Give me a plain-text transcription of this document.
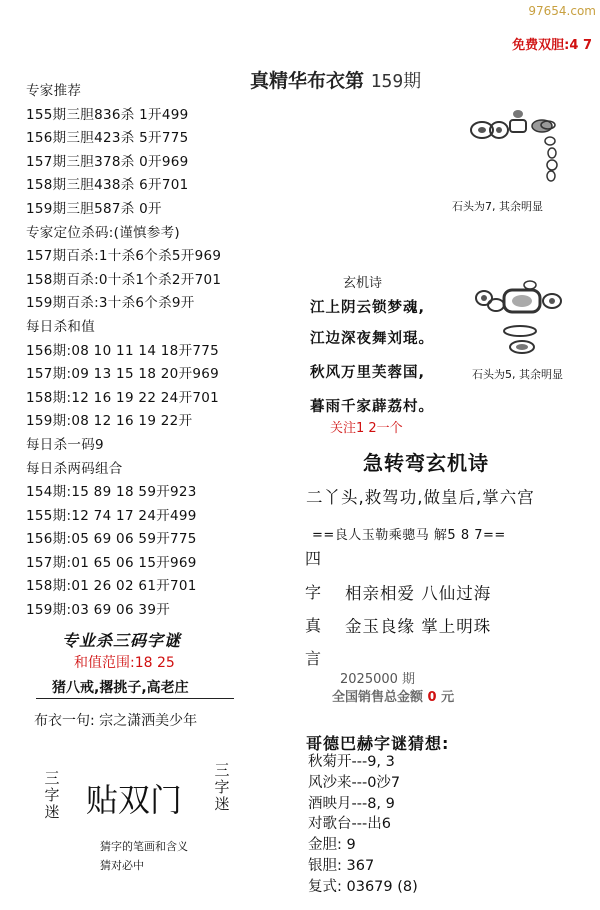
97654.com
免费双胆:4 7
真精华布衣第 159期
专家推荐
155期三胆836杀 1开499
156期三胆423杀 5开775
157期三胆378杀 0开969
158期三胆438杀 6开701
159期三胆587杀 0开
专家定位杀码:(谨慎参考)
157期百杀:1十杀6个杀5开969
158期百杀:0十杀1个杀2开701
159期百杀:3十杀6个杀9开
每日杀和值
156期:08 10 11 14 18开775
157期:09 13 15 18 20开969
158期:12 16 19 22 24开701
159期:08 12 16 19 22开
每日杀一码9
每日杀两码组合
154期:15 89 18 59开923
155期:12 74 17 24开499
156期:05 69 06 59开775
157期:01 65 06 15开969
158期:01 26 02 61开701
159期:03 69 06 39开
专业杀三码字谜
和值范围:18 25
猪八戒,撂挑子,高老庄
布衣一句: 宗之潇洒美少年
三字迷 贴双门
三字迷
猜字的笔画和含义
猜对必中
石头为7, 其余明显
石头为5, 其余明显
玄机诗
江上阴云锁梦魂,
江边深夜舞刘琨。
秋风万里芙蓉国,
暮雨千家薜荔村。
关注1 2一个
急转弯玄机诗
二丫头,救驾功,做皇后,掌六宫
==良人玉勒乘骢马 解5 8 7==
四
字
真
言
相亲相爱 八仙过海
金玉良缘 掌上明珠
2025000 期
全国销售总金额 0 元
哥德巴赫字谜猜想:
秋菊开---9, 3
风沙来---0沙7
酒映月---8, 9
对歌台---出6
金胆: 9
银胆: 367
复式: 03679 (8)
